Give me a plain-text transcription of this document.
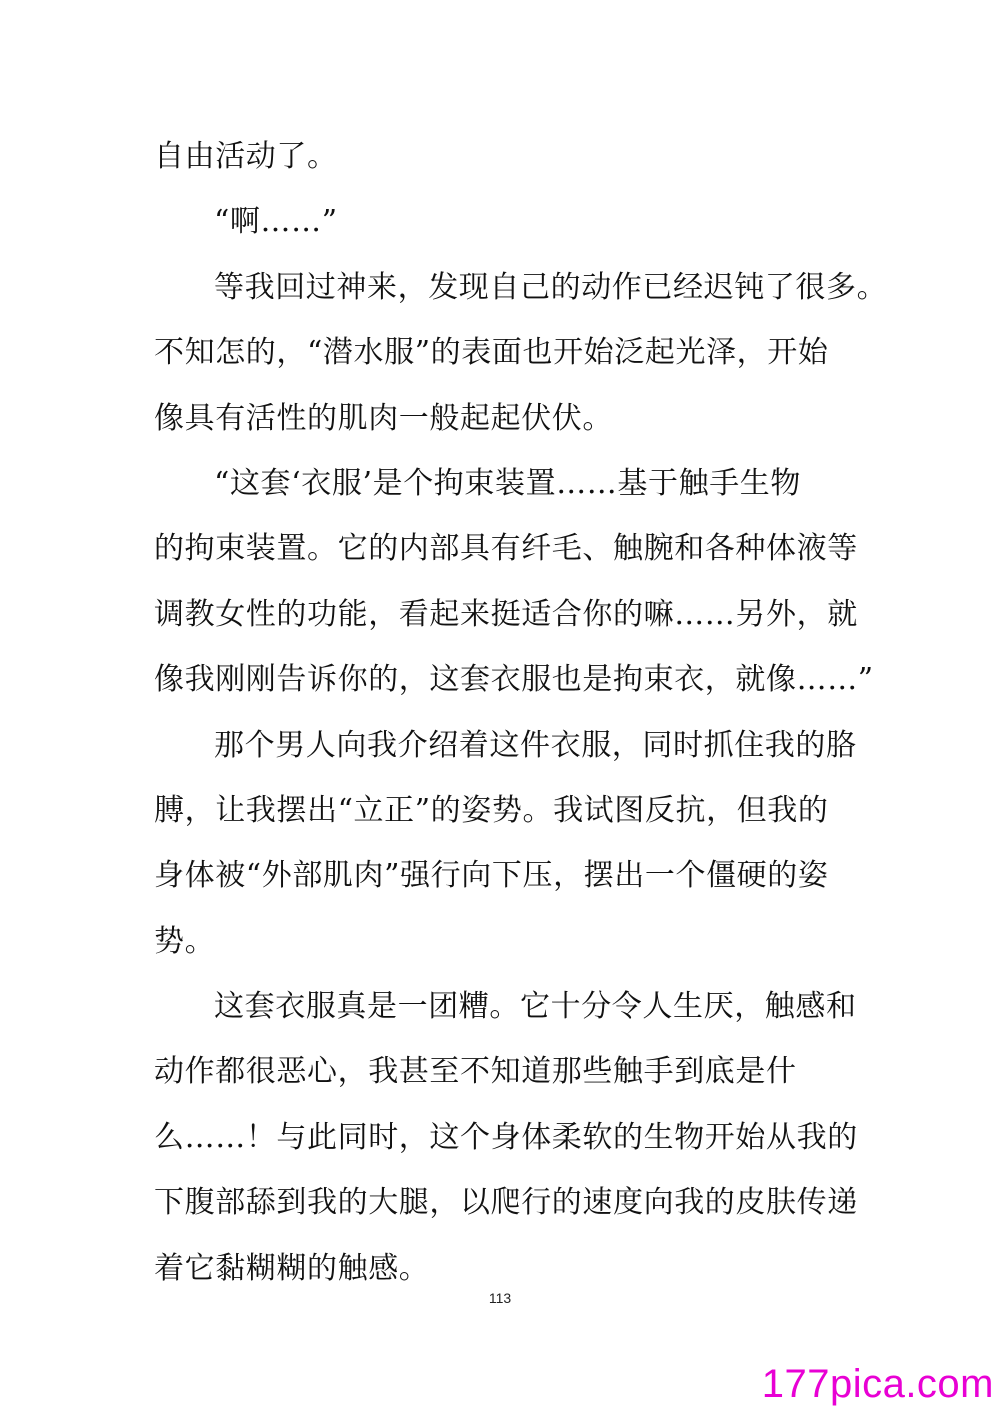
自由活动了。
“啊……”
等我回过神来，发现自己的动作已经迟钝了很多。
不知怎的，“潜水服”的表面也开始泛起光泽，开始
像具有活性的肌肉一般起起伏伏。
“这套‘衣服’是个拘束装置……基于触手生物
的拘束装置。它的内部具有纤毛、触腕和各种体液等
调教女性的功能，看起来挺适合你的嘛……另外，就
像我刚刚告诉你的，这套衣服也是拘束衣，就像……”
那个男人向我介绍着这件衣服，同时抓住我的胳
膊，让我摆出“立正”的姿势。我试图反抗，但我的
身体被“外部肌肉”强行向下压，摆出一个僵硬的姿
势。
这套衣服真是一团糟。它十分令人生厌，触感和
动作都很恶心，我甚至不知道那些触手到底是什
么……！与此同时，这个身体柔软的生物开始从我的
下腹部舔到我的大腿，以爬行的速度向我的皮肤传递
着它黏糊糊的触感。
113
177pica.com
